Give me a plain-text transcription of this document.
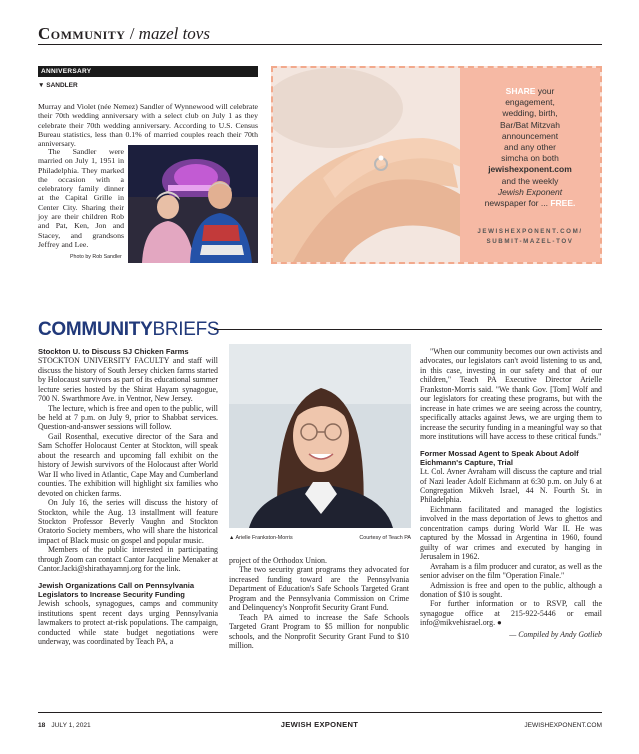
Community / mazel tovs
ANNIVERSARY
▼ SANDLER
Murray and Violet (née Nemez) Sandler of Wynnewood will celebrate their 70th wedding anniversary with a select club on July 1 as they celebrate their 70th wedding anniversary. According to U.S. Census Bureau statistics, less than 0.1% of married couples reach their 70th anniversary.
The Sandler were married on July 1, 1951 in Philadelphia. They marked the occasion with a celebratory family dinner at the Capital Grille in Center City. Sharing their joy are their children Rob and Pat, Ken, Jon and Stacey, and grandsons Jeffrey and Lee.
Photo by Rob Sandler
SHARE your
engagement,
wedding, birth,
Bar/Bat Mitzvah
announcement
and any other
simcha on both
jewishexponent.com
and the weekly
Jewish Exponent
newspaper for ... FREE.
JEWISHEXPONENT.COM/
SUBMIT-MAZEL-TOV
COMMUNITYBRIEFS
Stockton U. to Discuss SJ Chicken Farms

STOCKTON UNIVERSITY FACULTY and staff will discuss the history of South Jersey chicken farms started by Holocaust survivors as part of its educational summer lecture series hosted by the Shirat Hayam synagogue, 700 N. Swarthmore Ave. in Ventnor, New Jersey.

The lecture, which is free and open to the public, will be held at 7 p.m. on July 9, prior to Shabbat services. Question-and-answer sessions will follow.

Gail Rosenthal, executive director of the Sara and Sam Schoffer Holocaust Center at Stockton, will speak about the research and upcoming fall exhibit on the history of Jewish survivors of the Holocaust after World War II who lived in Atlantic, Cape May and Cumberland counties. The exhibition will highlight six families who devoted on chicken farms.

On July 16, the series will discuss the history of Stockton, while the Aug. 13 installment will feature Stockton Professor Beverly Vaughn and Stockton Oratorio Society members, who will share the historical impact of Black music on gospel and popular music.

Members of the public interested in participating through Zoom can contact Cantor Jacqueline Menaker at Cantor.Jacki@shirathayamnj.org for the link.

Jewish Organizations Call on Pennsylvania Legislators to Increase Security Funding

Jewish schools, synagogues, camps and community institutions spent recent days urging Pennsylvania lawmakers to protect at-risk populations. The campaign, conducted while state budget negotiations were underway, was coordinated by Teach PA, a

▲ Arielle Frankston-Morris	Courtesy of Teach PA

project of the Orthodox Union.

The two security grant programs they advocated for increased funding toward are the Pennsylvania Department of Education's Safe Schools Targeted Grant Program and the Pennsylvania Commission on Crime and Delinquency's Nonprofit Security Grant Fund.

Teach PA aimed to increase the Safe Schools Targeted Grant Program to $5 million for nonpublic schools, and the Nonprofit Security Grant Fund to $10 million.

"When our community becomes our own activists and advocates, our legislators can't avoid listening to us and, in this case, investing in our safety and that of our children," Teach PA Executive Director Arielle Frankston-Morris said. "We thank Gov. [Tom] Wolf and our legislators for creating these programs, but with the increase in hate crimes we are seeing across the country, specifically attacks against Jews, we are urging them to increase the security funding in a meaningful way so that more institutions will have access to these critical funds."

Former Mossad Agent to Speak About Adolf Eichmann's Capture, Trial

Lt. Col. Avner Avraham will discuss the capture and trial of Nazi leader Adolf Eichmann at 6:30 p.m. on July 6 at Congregation Mikveh Israel, 44 N. Fourth St. in Philadelphia.

Eichmann facilitated and managed the logistics involved in the mass deportation of Jews to ghettos and concentration camps during World War II. He was captured by the Mossad in Argentina in 1960, found guilty of war crimes and executed by hanging in Jerusalem in 1962.

Avraham is a film producer and curator, as well as the senior adviser on the film "Operation Finale."

Admission is free and open to the public, although a donation of $10 is sought.

For further information or to RSVP, call the synagogue office at 215-922-5446 or email info@mikvehisrael.org. ●

— Compiled by Andy Gotlieb
18 JULY 1, 2021	JEWISH EXPONENT	JEWISHEXPONENT.COM
